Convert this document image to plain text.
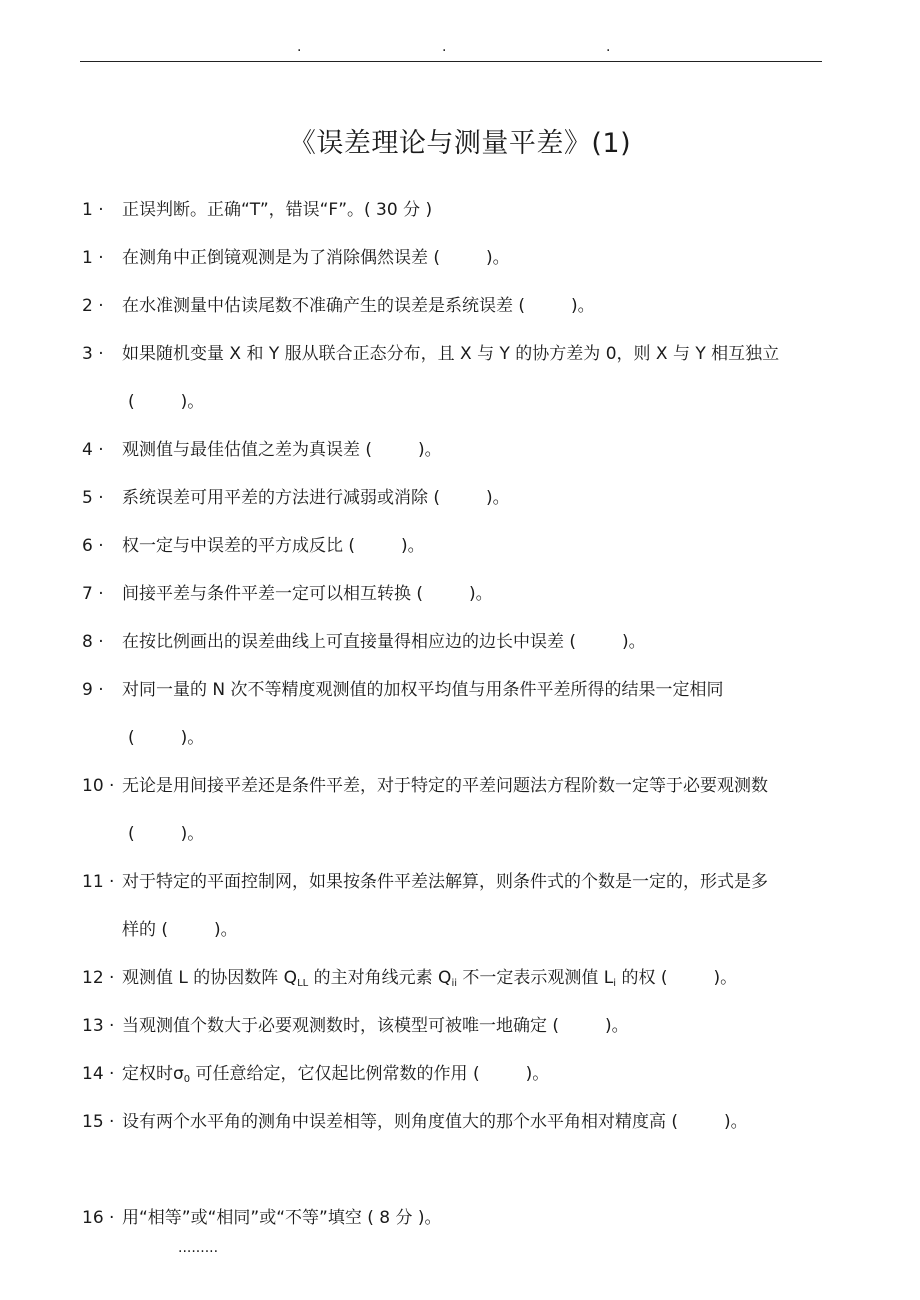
.	.	.
《误差理论与测量平差》(1)
1 · 正误判断。正确“T”，错误“F”。( 30 分 )
1 · 在测角中正倒镜观测是为了消除偶然误差 (	)。
2 · 在水准测量中估读尾数不准确产生的误差是系统误差 (	)。
3 · 如果随机变量 X 和 Y 服从联合正态分布，且 X 与 Y 的协方差为 0，则 X 与 Y 相互独立
(	)。
4 · 观测值与最佳估值之差为真误差 (	)。
5 · 系统误差可用平差的方法进行减弱或消除 (	)。
6 · 权一定与中误差的平方成反比 (	)。
7 · 间接平差与条件平差一定可以相互转换 (	)。
8 · 在按比例画出的误差曲线上可直接量得相应边的边长中误差 (	)。
9 · 对同一量的 N 次不等精度观测值的加权平均值与用条件平差所得的结果一定相同
(	)。
10 · 无论是用间接平差还是条件平差，对于特定的平差问题法方程阶数一定等于必要观测数
(	)。
11 · 对于特定的平面控制网，如果按条件平差法解算，则条件式的个数是一定的，形式是多
样的 (	)。
12 · 观测值 L 的协因数阵 $Q_{LL}$ 的主对角线元素 $Q_{ii}$ 不一定表示观测值 $L_i$ 的权 (	)。
13 · 当观测值个数大于必要观测数时，该模型可被唯一地确定 (	)。
14 · 定权时$\sigma_0$ 可任意给定，它仅起比例常数的作用 (	)。
15 · 设有两个水平角的测角中误差相等，则角度值大的那个水平角相对精度高 (	)。
16 · 用“相等”或“相同”或“不等”填空 ( 8 分 )。
.........
